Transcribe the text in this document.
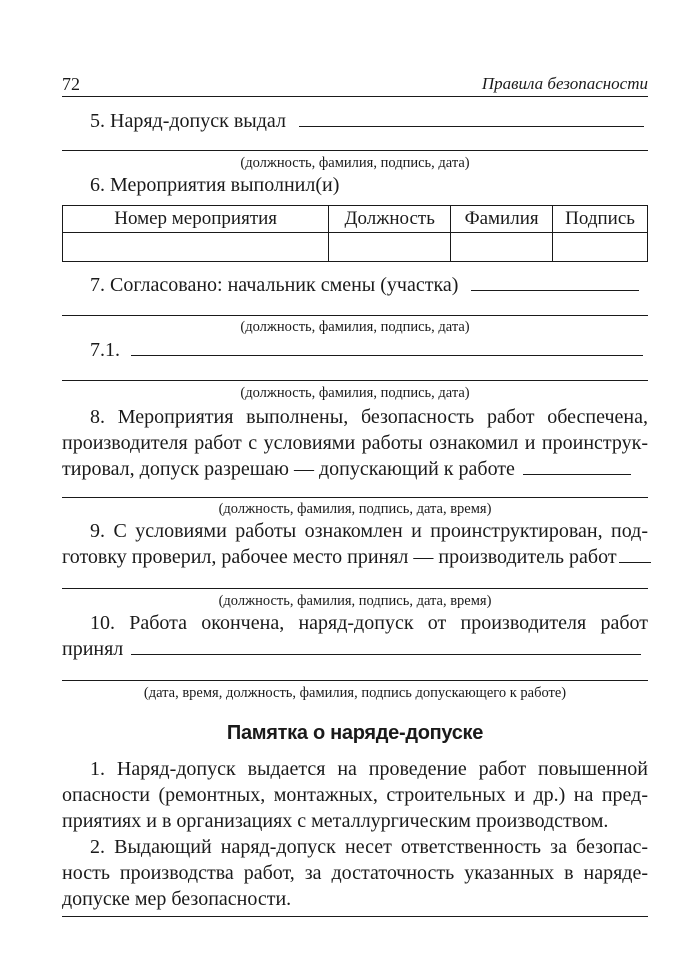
72	Правила безопасности
5. Наряд-допуск выдал
(должность, фамилия, подпись, дата)
6. Мероприятия выполнил(и)
Номер мероприятия	Должность	Фамилия	Подпись

7. Согласовано: начальник смены (участка)
(должность, фамилия, подпись, дата)
7.1.
(должность, фамилия, подпись, дата)
8. Мероприятия выполнены, безопасность работ обеспечена,
производителя работ с условиями работы ознакомил и проинструк-
тировал, допуск разрешаю — допускающий к работе
(должность, фамилия, подпись, дата, время)
9. С условиями работы ознакомлен и проинструктирован, под-
готовку проверил, рабочее место принял — производитель работ
(должность, фамилия, подпись, дата, время)
10. Работа окончена, наряд-допуск от производителя работ
принял
(дата, время, должность, фамилия, подпись допускающего к работе)
Памятка о наряде-допуске
1. Наряд-допуск выдается на проведение работ повышенной
опасности (ремонтных, монтажных, строительных и др.) на пред-
приятиях и в организациях с металлургическим производством.
2. Выдающий наряд-допуск несет ответственность за безопас-
ность производства работ, за достаточность указанных в наряде-
допуске мер безопасности.
